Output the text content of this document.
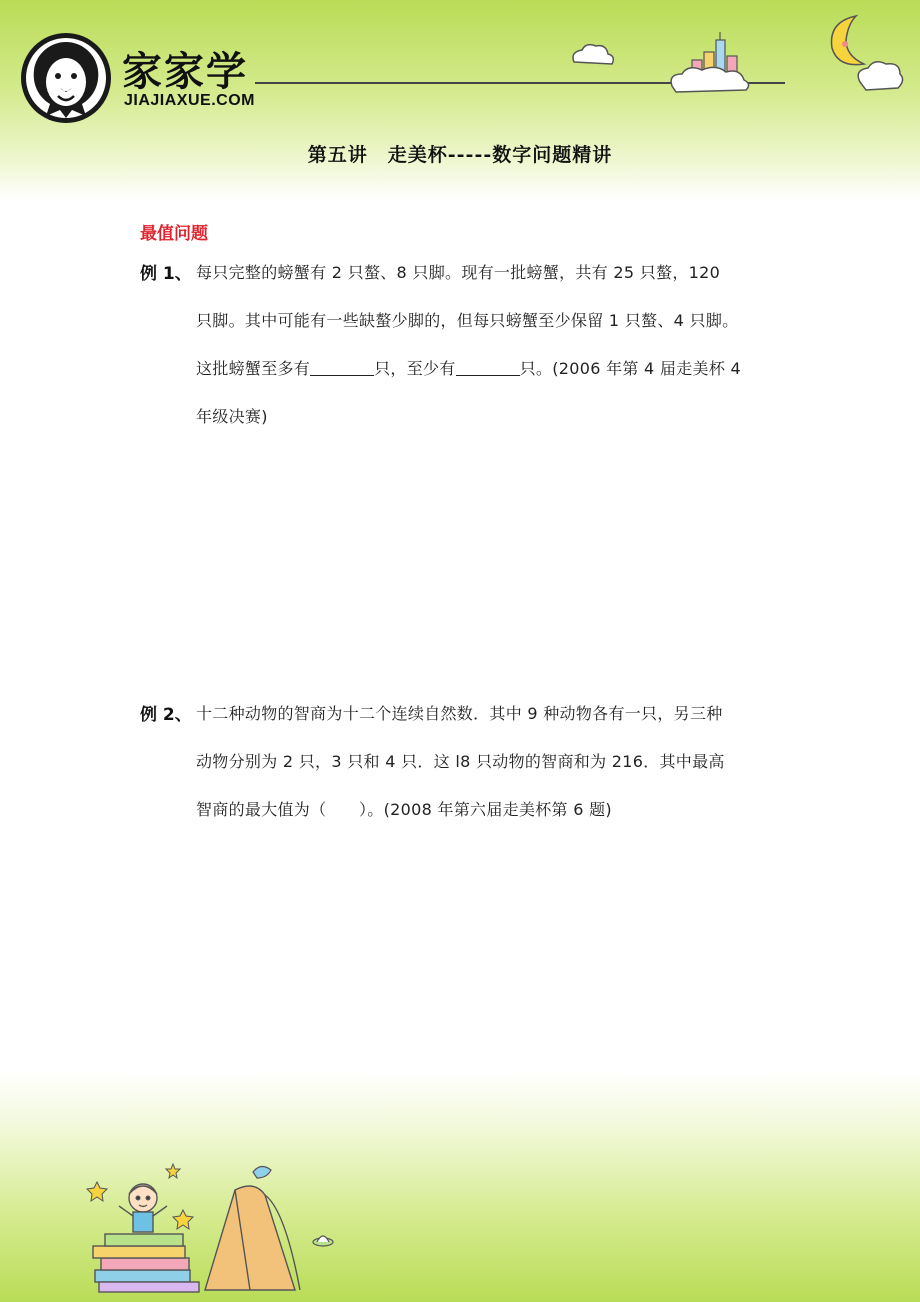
家家学
JIAJIAXUE.COM
第五讲　走美杯-----数字问题精讲
最值问题
例 1、 每只完整的螃蟹有 2 只螯、8 只脚。现有一批螃蟹，共有 25 只螯，120
只脚。其中可能有一些缺螯少脚的，但每只螃蟹至少保留 1 只螯、4 只脚。
这批螃蟹至多有	只，至少有	只。(2006 年第 4 届走美杯 4
年级决赛)
例 2、 十二种动物的智商为十二个连续自然数．其中 9 种动物各有一只，另三种
动物分别为 2 只，3 只和 4 只．这 l8 只动物的智商和为 216．其中最高
智商的最大值为（　　）。(2008 年第六届走美杯第 6 题)
